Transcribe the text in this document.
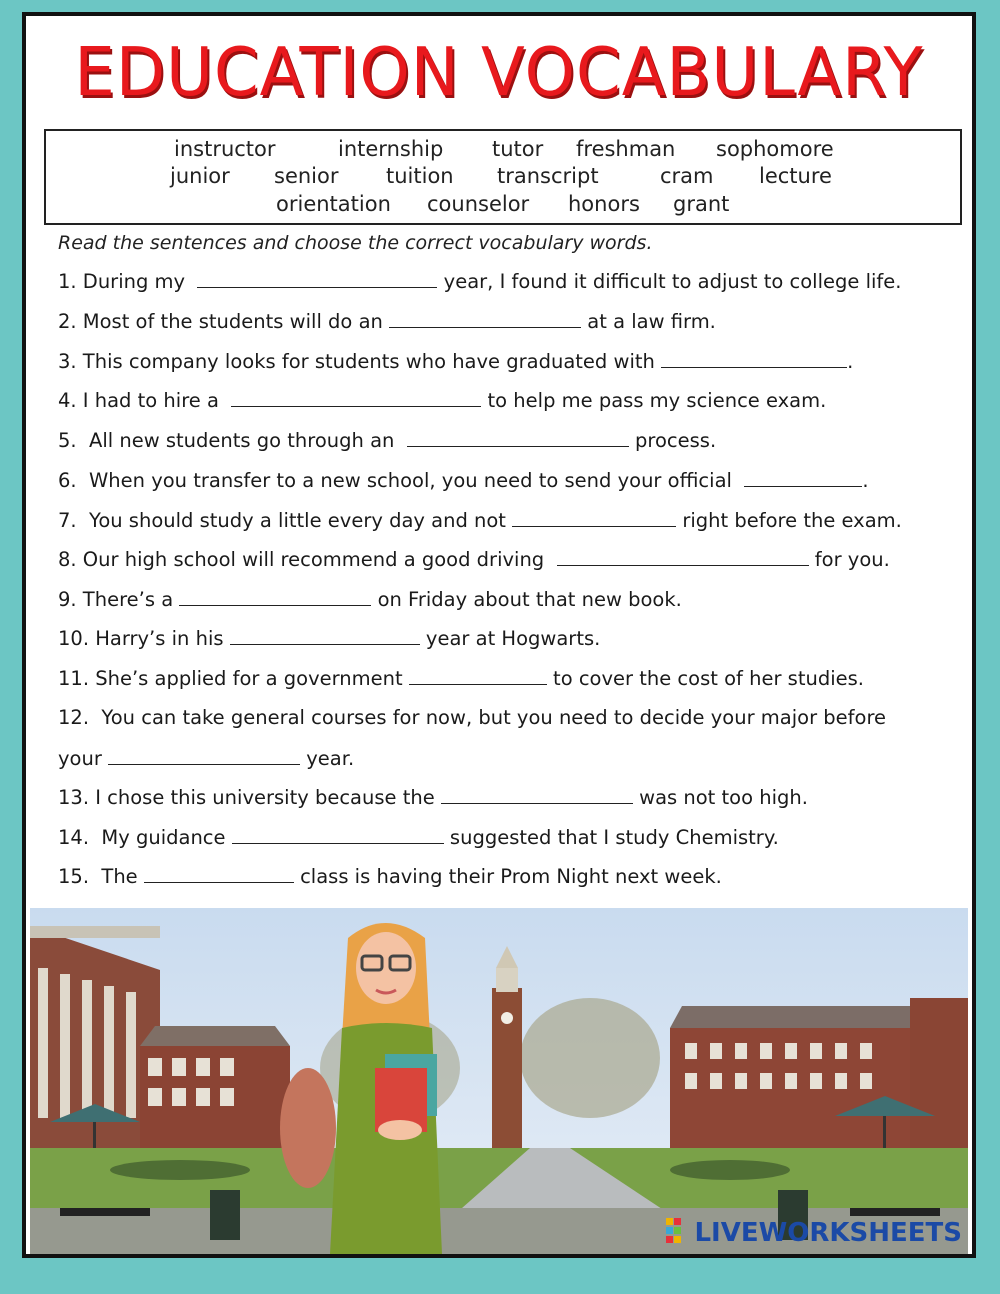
EDUCATION VOCABULARY
instructor	internship tutor freshman sophomore
junior senior tuition transcript	cram lecture
orientation counselor honors grant
Read the sentences and choose the correct vocabulary words.
1. During my	year, I found it difficult to adjust to college life.
2. Most of the students will do an	at a law firm.
3. This company looks for students who have graduated with	.
4. I had to hire a	to help me pass my science exam.
5.  All new students go through an	process.
6.  When you transfer to a new school, you need to send your official	.
7.  You should study a little every day and not	right before the exam.
8. Our high school will recommend a good driving	for you.
9. There’s a	on Friday about that new book.
10. Harry’s in his	year at Hogwarts.
11. She’s applied for a government	to cover the cost of her studies.
12.  You can take general courses for now, but you need to decide your major before
your	year.
13. I chose this university because the	was not too high.
14.  My guidance	suggested that I study Chemistry.
15.  The	class is having their Prom Night next week.
LIVEWORKSHEETS
